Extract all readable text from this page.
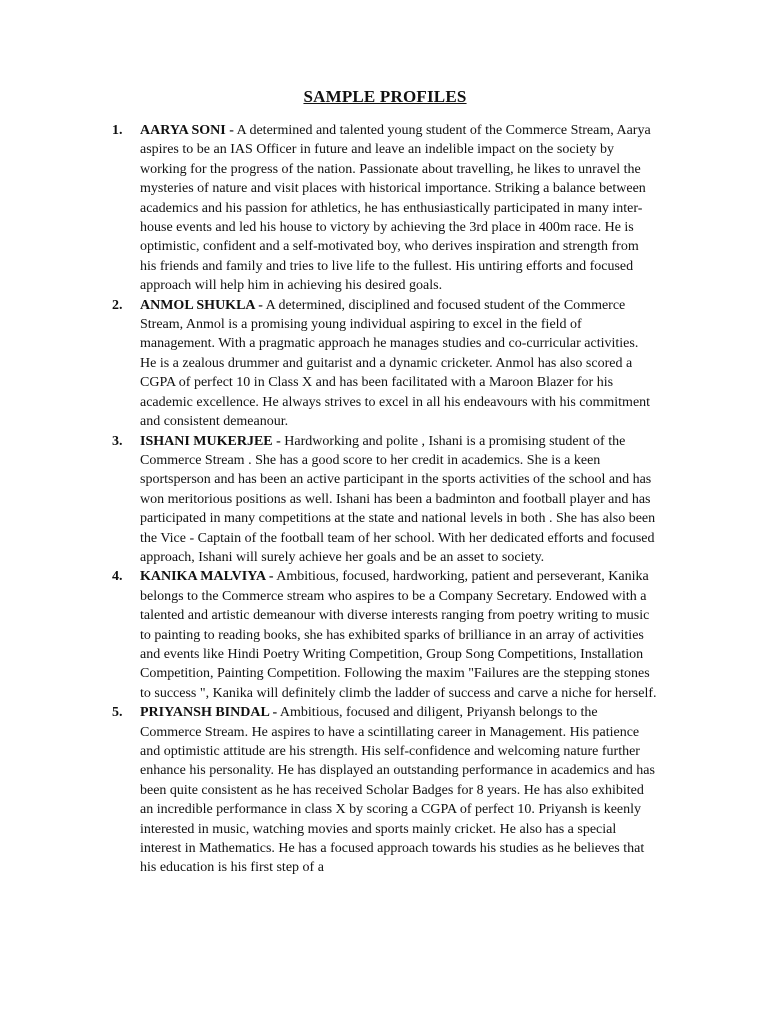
SAMPLE PROFILES
1.	AARYA SONI - A determined and talented young student of the Commerce Stream, Aarya aspires to be an IAS Officer in future and leave an indelible impact on the society by working for the progress of the nation. Passionate about travelling, he likes to unravel the mysteries of nature and visit places with historical importance. Striking a balance between academics and his passion for athletics, he has enthusiastically participated in many inter-house events and led his house to victory by achieving the 3rd place in 400m race. He is optimistic, confident and a self-motivated boy, who derives inspiration and strength from his friends and family and tries to live life to the fullest. His untiring efforts and focused approach will help him in achieving his desired goals.
2.	ANMOL SHUKLA - A determined, disciplined and focused student of the Commerce Stream, Anmol is a promising young individual aspiring to excel in the field of management. With a pragmatic approach he manages studies and co-curricular activities. He is a zealous drummer and guitarist and a dynamic cricketer. Anmol has also scored a CGPA of perfect 10 in Class X and has been facilitated with a Maroon Blazer for his academic excellence. He always strives to excel in all his endeavours with his commitment and consistent demeanour.
3.	ISHANI MUKERJEE - Hardworking and polite , Ishani is a promising student of the Commerce Stream . She has a good score to her credit in academics. She is a keen sportsperson and has been an active participant in the sports activities of the school and has won meritorious positions as well. Ishani has been a badminton and football player and has participated in many competitions at the state and national levels in both . She has also been the Vice - Captain of the football team of her school. With her dedicated efforts and focused approach, Ishani will surely achieve her goals and be an asset to society.
4.	KANIKA MALVIYA - Ambitious, focused, hardworking, patient and perseverant, Kanika belongs to the Commerce stream who aspires to be a Company Secretary. Endowed with a talented and artistic demeanour with diverse interests ranging from poetry writing to music to painting to reading books, she has exhibited sparks of brilliance in an array of activities and events like Hindi Poetry Writing Competition, Group Song Competitions, Installation Competition, Painting Competition. Following the maxim "Failures are the stepping stones to success ", Kanika will definitely climb the ladder of success and carve a niche for herself.
5.	PRIYANSH BINDAL - Ambitious, focused and diligent, Priyansh belongs to the Commerce Stream. He aspires to have a scintillating career in Management. His patience and optimistic attitude are his strength. His self-confidence and welcoming nature further enhance his personality. He has displayed an outstanding performance in academics and has been quite consistent as he has received Scholar Badges for 8 years. He has also exhibited an incredible performance in class X by scoring a CGPA of perfect 10. Priyansh is keenly interested in music, watching movies and sports mainly cricket. He also has a special interest in Mathematics. He has a focused approach towards his studies as he believes that his education is his first step of a
